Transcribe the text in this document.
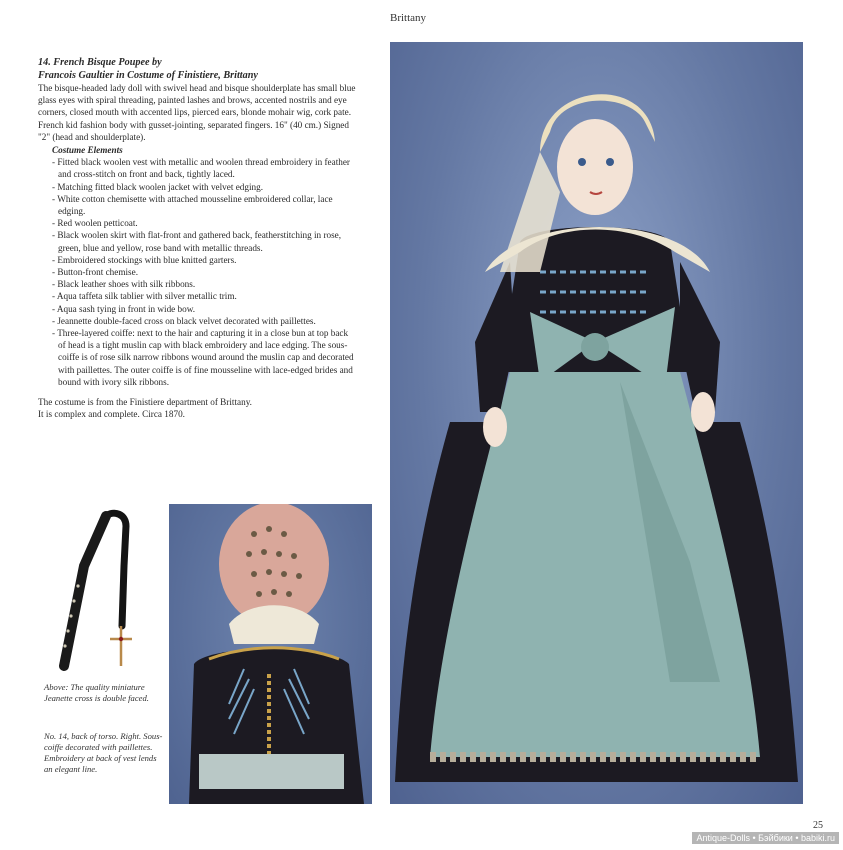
Brittany
14. French Bisque Poupee by
Francois Gaultier in Costume of Finistiere, Brittany

The bisque-headed lady doll with swivel head and bisque shoulderplate has small blue glass eyes with spiral threading, painted lashes and brows, accented nostrils and eye corners, closed mouth with accented lips, pierced ears, blonde mohair wig, cork pate. French kid fashion body with gusset-jointing, separated fingers. 16" (40 cm.) Signed "2" (head and shoulderplate).

Costume Elements
- Fitted black woolen vest with metallic and woolen thread embroidery in feather and cross-stitch on front and back, tightly laced.
- Matching fitted black woolen jacket with velvet edging.
- White cotton chemisette with attached mousseline embroidered collar, lace edging.
- Red woolen petticoat.
- Black woolen skirt with flat-front and gathered back, featherstitching in rose, green, blue and yellow, rose band with metallic threads.
- Embroidered stockings with blue knitted garters.
- Button-front chemise.
- Black leather shoes with silk ribbons.
- Aqua taffeta silk tablier with silver metallic trim.
- Aqua sash tying in front in wide bow.
- Jeannette double-faced cross on black velvet decorated with paillettes.
- Three-layered coiffe: next to the hair and capturing it in a close bun at top back of head is a tight muslin cap with black embroidery and lace edging. The sous-coiffe is of rose silk narrow ribbons wound around the muslin cap and decorated with paillettes. The outer coiffe is of fine mousseline with lace-edged brides and bound with ivory silk ribbons.
The costume is from the Finistiere department of Brittany.
It is complex and complete. Circa 1870.
Above: The quality miniature Jeanette cross is double faced.
No. 14, back of torso. Right. Sous-coiffe decorated with paillettes. Embroidery at back of vest lends an elegant line.
25
Antique-Dolls • Бэйбики • babiki.ru
